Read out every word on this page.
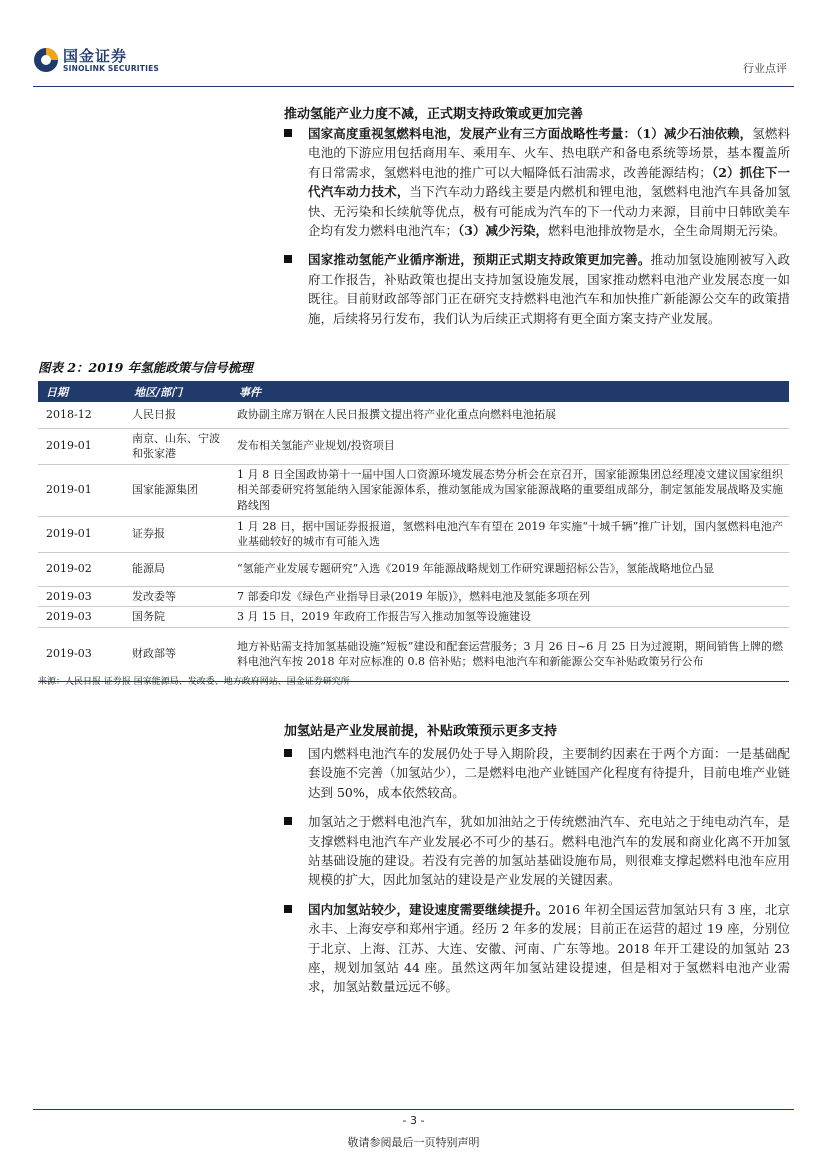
国金证券
SINOLINK SECURITIES	行业点评
推动氢能产业力度不减，正式期支持政策或更加完善
国家高度重视氢燃料电池，发展产业有三方面战略性考量：（1）减少石油依赖，氢燃料电池的下游应用包括商用车、乘用车、火车、热电联产和备电系统等场景，基本覆盖所有日常需求，氢燃料电池的推广可以大幅降低石油需求，改善能源结构；（2）抓住下一代汽车动力技术，当下汽车动力路线主要是内燃机和锂电池，氢燃料电池汽车具备加氢快、无污染和长续航等优点，极有可能成为汽车的下一代动力来源，目前中日韩欧美车企均有发力燃料电池汽车；（3）减少污染，燃料电池排放物是水，全生命周期无污染。
国家推动氢能产业循序渐进，预期正式期支持政策更加完善。推动加氢设施刚被写入政府工作报告，补贴政策也提出支持加氢设施发展，国家推动燃料电池产业发展态度一如既往。目前财政部等部门正在研究支持燃料电池汽车和加快推广新能源公交车的政策措施，后续将另行发布，我们认为后续正式期将有更全面方案支持产业发展。
图表 2：2019 年氢能政策与信号梳理
日期	地区/部门	事件
2018-12	人民日报	政协副主席万钢在人民日报撰文提出将产业化重点向燃料电池拓展
2019-01	南京、山东、宁波和张家港	发布相关氢能产业规划/投资项目
2019-01	国家能源集团	1 月 8 日全国政协第十一届中国人口资源环境发展态势分析会在京召开，国家能源集团总经理凌文建议国家组织相关部委研究将氢能纳入国家能源体系，推动氢能成为国家能源战略的重要组成部分，制定氢能发展战略及实施路线图
2019-01	证券报	1 月 28 日，据中国证券报报道，氢燃料电池汽车有望在 2019 年实施“十城千辆”推广计划，国内氢燃料电池产业基础较好的城市有可能入选
2019-02	能源局	“氢能产业发展专题研究”入选《2019 年能源战略规划工作研究课题招标公告》，氢能战略地位凸显
2019-03	发改委等	7 部委印发《绿色产业指导目录(2019 年版)》，燃料电池及氢能多项在列
2019-03	国务院	3 月 15 日，2019 年政府工作报告写入推动加氢等设施建设
2019-03	财政部等	地方补贴需支持加氢基础设施“短板”建设和配套运营服务；3 月 26 日~6 月 25 日为过渡期，期间销售上牌的燃料电池汽车按 2018 年对应标准的 0.8 倍补贴；燃料电池汽车和新能源公交车补贴政策另行公布
来源：人民日报 证券报 国家能源局、发改委、地方政府网站、国金证券研究所
加氢站是产业发展前提，补贴政策预示更多支持
国内燃料电池汽车的发展仍处于导入期阶段，主要制约因素在于两个方面：一是基础配套设施不完善（加氢站少），二是燃料电池产业链国产化程度有待提升，目前电堆产业链达到 50%，成本依然较高。
加氢站之于燃料电池汽车，犹如加油站之于传统燃油汽车、充电站之于纯电动汽车，是支撑燃料电池汽车产业发展必不可少的基石。燃料电池汽车的发展和商业化离不开加氢站基础设施的建设。若没有完善的加氢站基础设施布局，则很难支撑起燃料电池车应用规模的扩大，因此加氢站的建设是产业发展的关键因素。
国内加氢站较少，建设速度需要继续提升。2016 年初全国运营加氢站只有 3 座，北京永丰、上海安亭和郑州宇通。经历 2 年多的发展；目前正在运营的超过 19 座，分别位于北京、上海、江苏、大连、安徽、河南、广东等地。2018 年开工建设的加氢站 23 座，规划加氢站 44 座。虽然这两年加氢站建设提速，但是相对于氢燃料电池产业需求，加氢站数量远远不够。
- 3 -
敬请参阅最后一页特别声明
